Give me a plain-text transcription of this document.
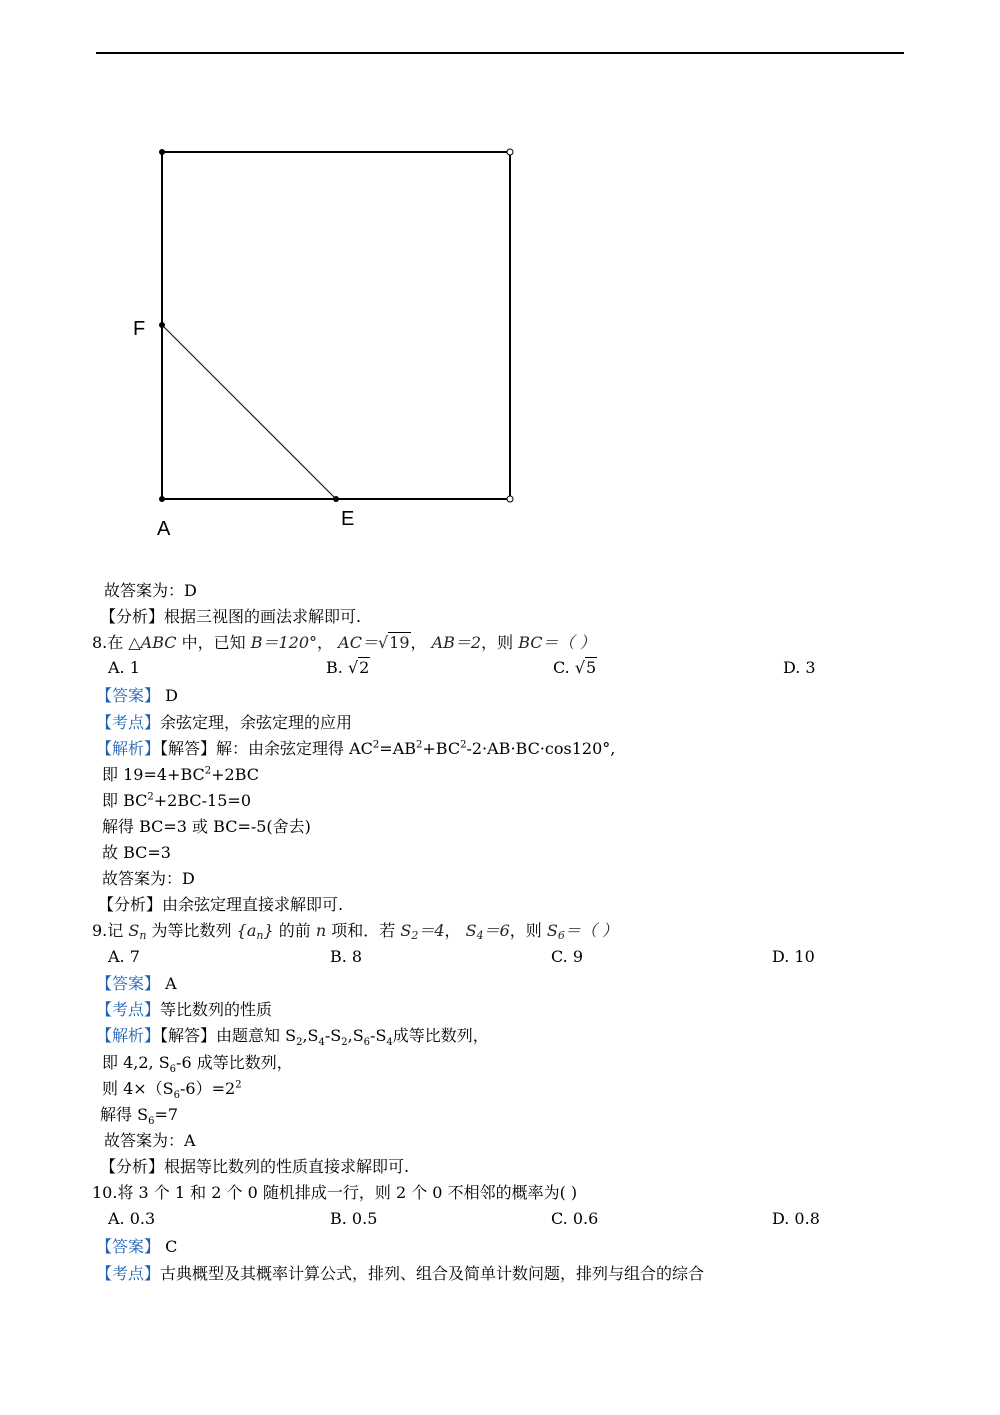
F
A	E
故答案为：D
【分析】根据三视图的画法求解即可.
8.在 △ABC 中，已知 B＝120°， AC＝√19， AB＝2，则 BC＝（ ）
A. 1	B. √2	C. √5	D. 3
【答案】 D
【考点】余弦定理，余弦定理的应用
【解析】【解答】解：由余弦定理得 $AC^2=AB^2+BC^2-2\cdot AB\cdot BC\cdot\cos 120^\circ$,
即 $19=4+BC^2+2BC$
即 $BC^2+2BC-15=0$
解得 BC=3 或 BC=-5(舍去)
故 BC=3
故答案为：D
【分析】由余弦定理直接求解即可.
9.记 Sn 为等比数列 {an} 的前 n 项和．若 S2＝4， S4＝6，则 S6＝（ ）
A. 7	B. 8	C. 9	D. 10
【答案】 A
【考点】等比数列的性质
【解析】【解答】由题意知 $S_2,S_4-S_2,S_6-S_4$成等比数列，
即 4,2, $S_6-6$ 成等比数列，
则 $4\times(S_6-6)=2^2$
解得 $S_6=7$
故答案为：A
【分析】根据等比数列的性质直接求解即可.
10.将 3 个 1 和 2 个 0 随机排成一行，则 2 个 0 不相邻的概率为( )
A. 0.3	B. 0.5	C. 0.6	D. 0.8
【答案】 C
【考点】古典概型及其概率计算公式，排列、组合及简单计数问题，排列与组合的综合
